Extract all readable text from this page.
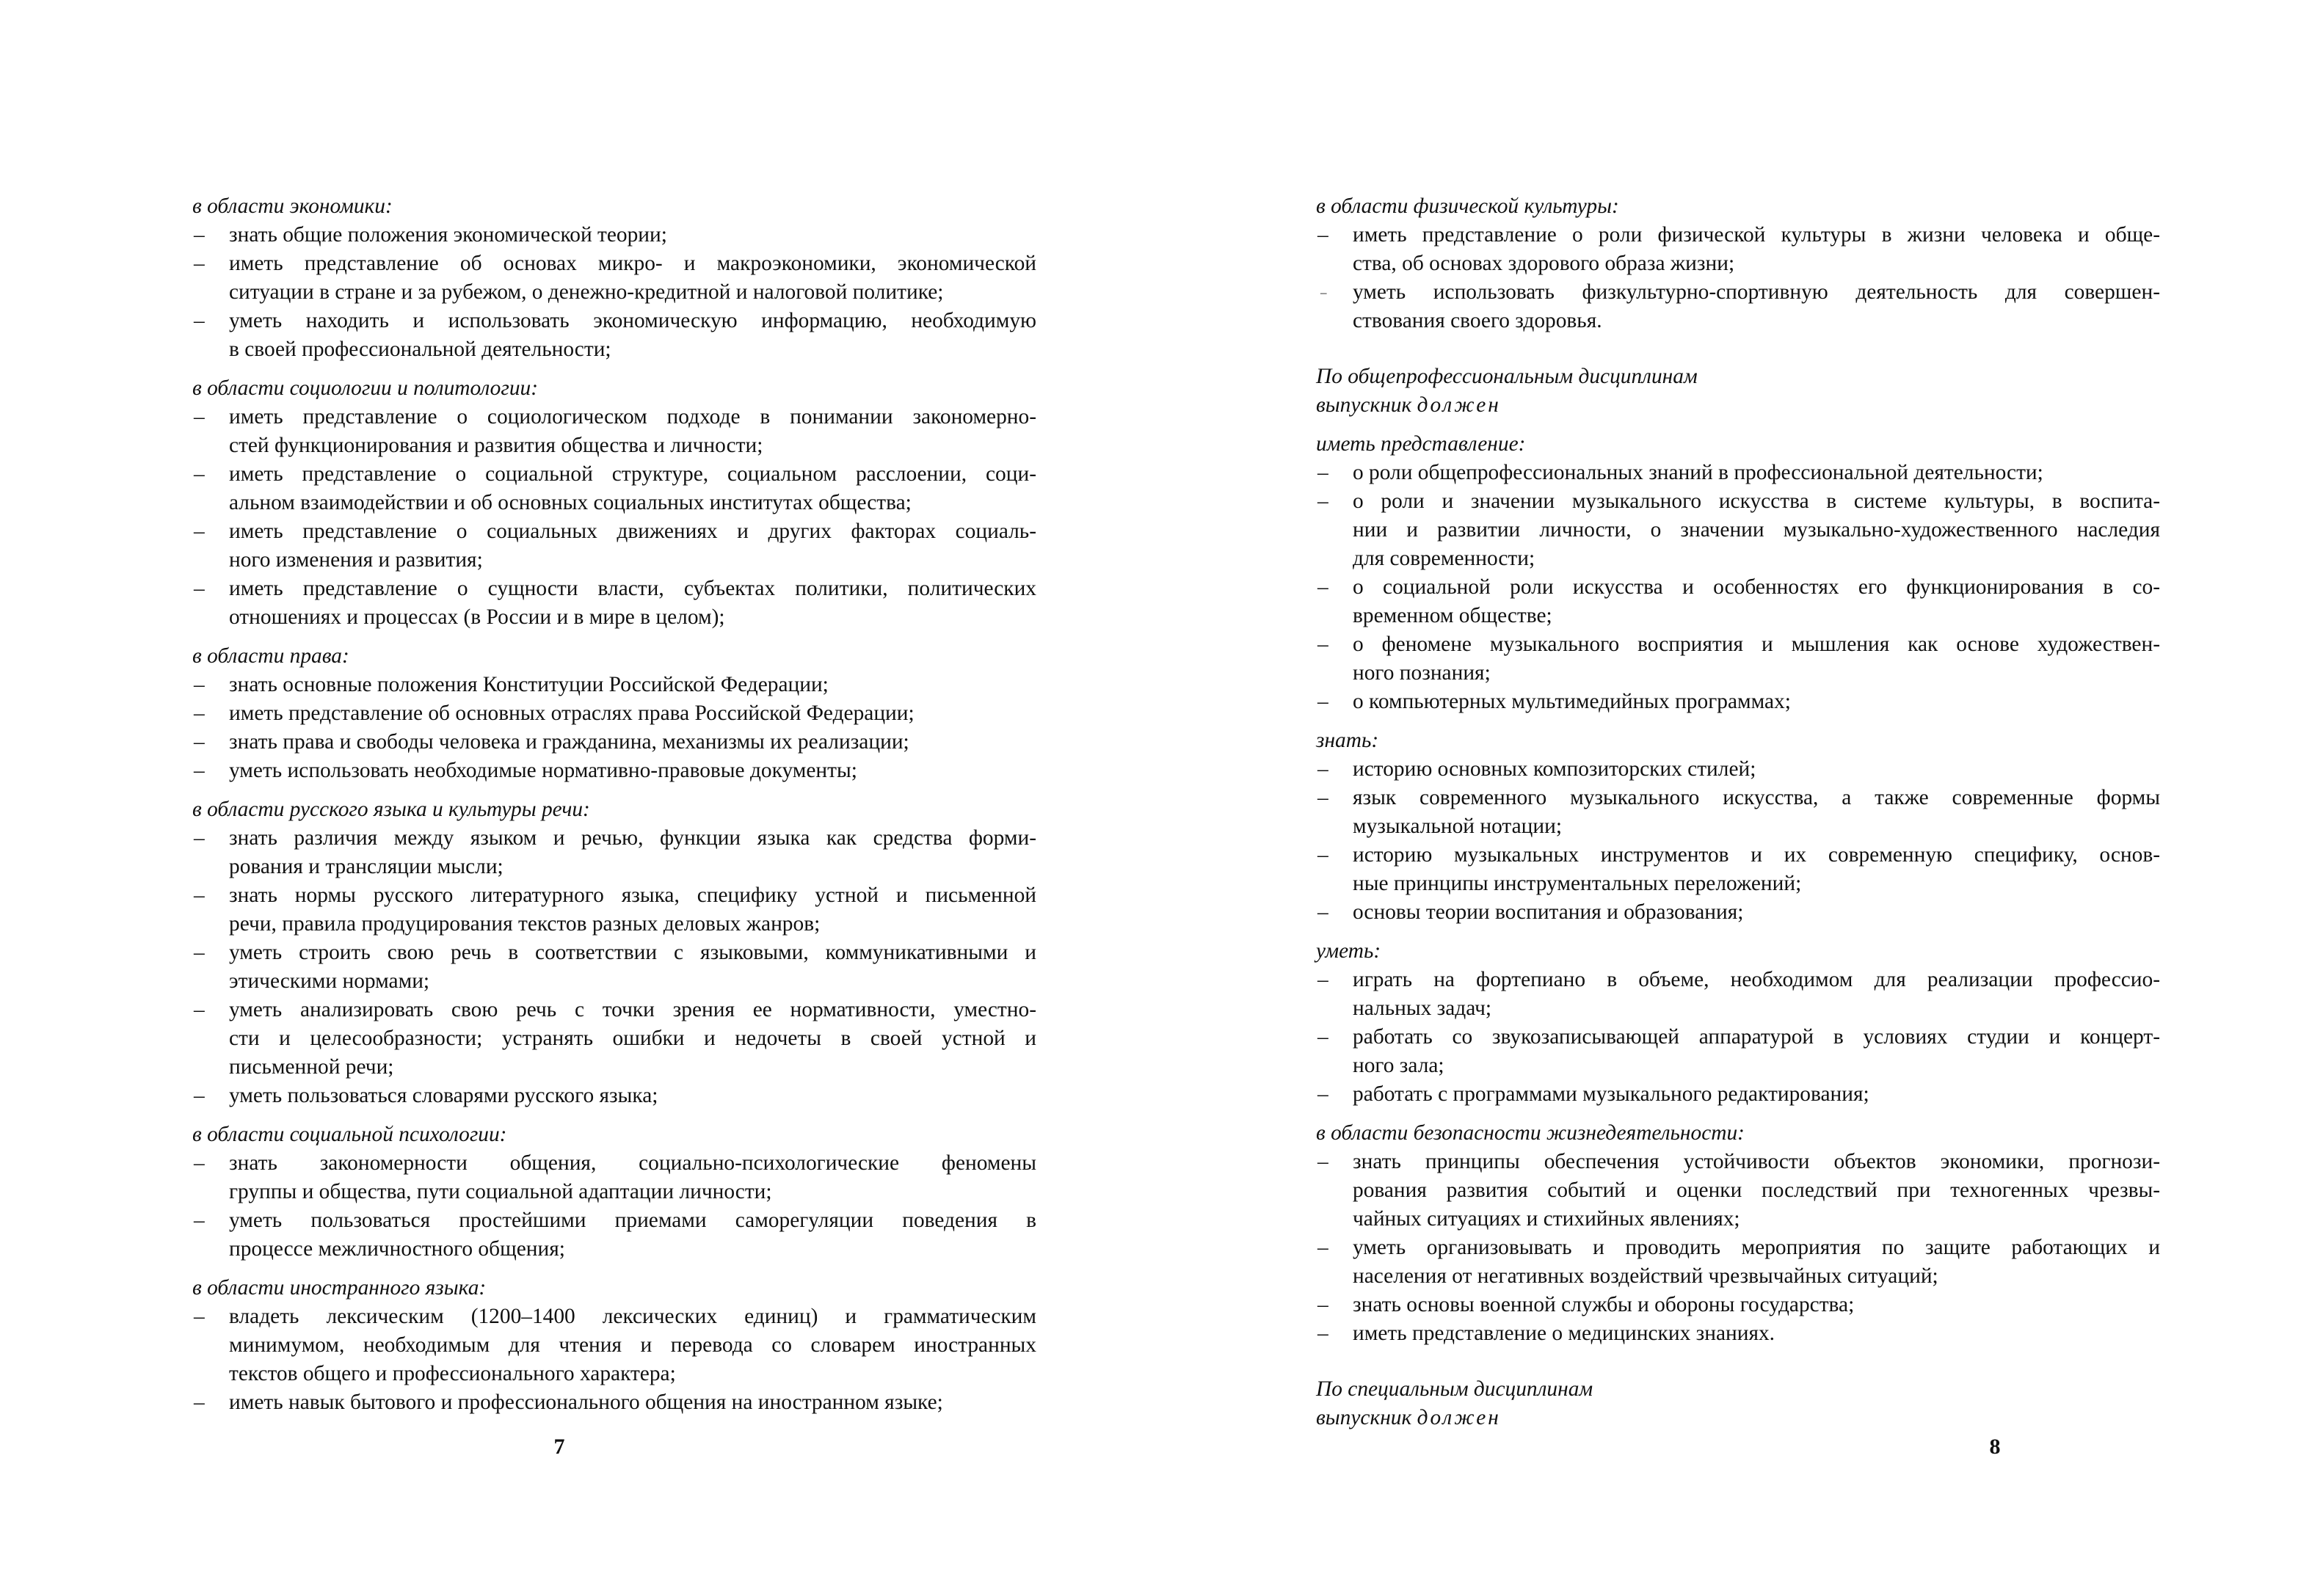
в области экономики:

– знать общие положения экономической теории;

– иметь представление об основах микро- и макроэкономики, экономической
ситуации в стране и за рубежом, о денежно-кредитной и налоговой политике;

– уметь находить и использовать экономическую информацию, необходимую
в своей профессиональной деятельности;

в области социологии и политологии:

– иметь представление о социологическом подходе в понимании закономерно-
стей функционирования и развития общества и личности;

– иметь представление о социальной структуре, социальном расслоении, соци-
альном взаимодействии и об основных социальных институтах общества;

– иметь представление о социальных движениях и других факторах социаль-
ного изменения и развития;

– иметь представление о сущности власти, субъектах политики, политических
отношениях и процессах (в России и в мире в целом);

в области права:

– знать основные положения Конституции Российской Федерации;

– иметь представление об основных отраслях права Российской Федерации;

– знать права и свободы человека и гражданина, механизмы их реализации;

– уметь использовать необходимые нормативно-правовые документы;

в области русского языка и культуры речи:

– знать различия между языком и речью, функции языка как средства форми-
рования и трансляции мысли;

– знать нормы русского литературного языка, специфику устной и письменной
речи, правила продуцирования текстов разных деловых жанров;

– уметь строить свою речь в соответствии с языковыми, коммуникативными и
этическими нормами;

– уметь анализировать свою речь с точки зрения ее нормативности, уместно-
сти и целесообразности; устранять ошибки и недочеты в своей устной и
письменной речи;

– уметь пользоваться словарями русского языка;

в области социальной психологии:

– знать закономерности общения, социально-психологические феномены
группы и общества, пути социальной адаптации личности;

– уметь пользоваться простейшими приемами саморегуляции поведения в
процессе межличностного общения;

в области иностранного языка:

– владеть лексическим (1200–1400 лексических единиц) и грамматическим
минимумом, необходимым для чтения и перевода со словарем иностранных
текстов общего и профессионального характера;

– иметь навык бытового и профессионального общения на иностранном языке;

7

в области физической культуры:

– иметь представление о роли физической культуры в жизни человека и обще-
ства, об основах здорового образа жизни;

– уметь использовать физкультурно-спортивную деятельность для совершен-
ствования своего здоровья.

По общепрофессиональным дисциплинам

выпускник должен

иметь представление:

– о роли общепрофессиональных знаний в профессиональной деятельности;

– о роли и значении музыкального искусства в системе культуры, в воспита-
нии и развитии личности, о значении музыкально-художественного наследия
для современности;

– о социальной роли искусства и особенностях его функционирования в со-
временном обществе;

– о феномене музыкального восприятия и мышления как основе художествен-
ного познания;

– о компьютерных мультимедийных программах;

знать:

– историю основных композиторских стилей;

– язык современного музыкального искусства, а также современные формы
музыкальной нотации;

– историю музыкальных инструментов и их современную специфику, основ-
ные принципы инструментальных переложений;

– основы теории воспитания и образования;

уметь:

– играть на фортепиано в объеме, необходимом для реализации профессио-
нальных задач;

– работать со звукозаписывающей аппаратурой в условиях студии и концерт-
ного зала;

– работать с программами музыкального редактирования;

в области безопасности жизнедеятельности:

– знать принципы обеспечения устойчивости объектов экономики, прогнози-
рования развития событий и оценки последствий при техногенных чрезвы-
чайных ситуациях и стихийных явлениях;

– уметь организовывать и проводить мероприятия по защите работающих и
населения от негативных воздействий чрезвычайных ситуаций;

– знать основы военной службы и обороны государства;

– иметь представление о медицинских знаниях.

По специальным дисциплинам

выпускник должен

8
